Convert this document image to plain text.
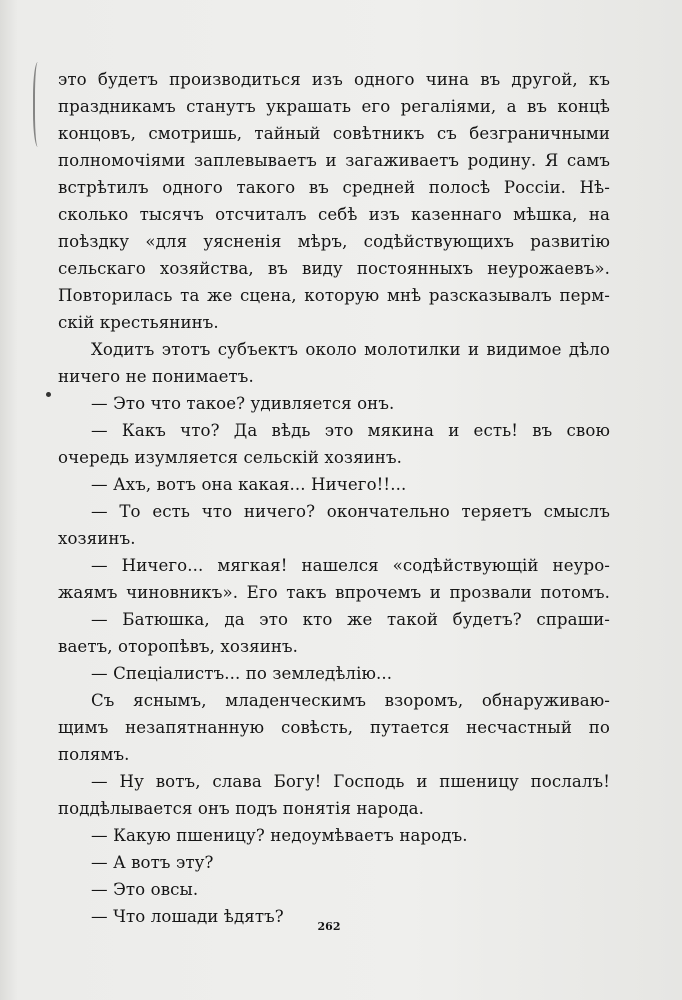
это будетъ производиться изъ одного чина въ другой, къ
праздникамъ станутъ украшать его регаліями, а въ концѣ
концовъ, смотришь, тайный совѣтникъ съ безграничными
полномочіями заплевываетъ и загаживаетъ родину. Я самъ
встрѣтилъ одного такого въ средней полосѣ Россіи. Нѣ-
сколько тысячъ отсчиталъ себѣ изъ казеннаго мѣшка, на
поѣздку «для уясненія мѣръ, содѣйствующихъ развитію
сельскаго хозяйства, въ виду постоянныхъ неурожаевъ».
Повторилась та же сцена, которую мнѣ разсказывалъ перм-
скій крестьянинъ.
Ходитъ этотъ субъектъ около молотилки и видимое дѣло
ничего не понимаетъ.
— Это что такое? удивляется онъ.
— Какъ что? Да вѣдь это мякина и есть! въ свою
очередь изумляется сельскій хозяинъ.
— Ахъ, вотъ она какая... Ничего!!...
— То есть что ничего? окончательно теряетъ смыслъ
хозяинъ.
— Ничего... мягкая! нашелся «содѣйствующій неуро-
жаямъ чиновникъ». Его такъ впрочемъ и прозвали потомъ.
— Батюшка, да это кто же такой будетъ? спраши-
ваетъ, оторопѣвъ, хозяинъ.
— Спеціалистъ... по земледѣлію...
Съ яснымъ, младенческимъ взоромъ, обнаруживаю-
щимъ незапятнанную совѣсть, путается несчастный по
полямъ.
— Ну вотъ, слава Богу! Господь и пшеницу послалъ!
поддѣлывается онъ подъ понятія народа.
— Какую пшеницу? недоумѣваетъ народъ.
— А вотъ эту?
— Это овсы.
— Что лошади ѣдятъ?
262
